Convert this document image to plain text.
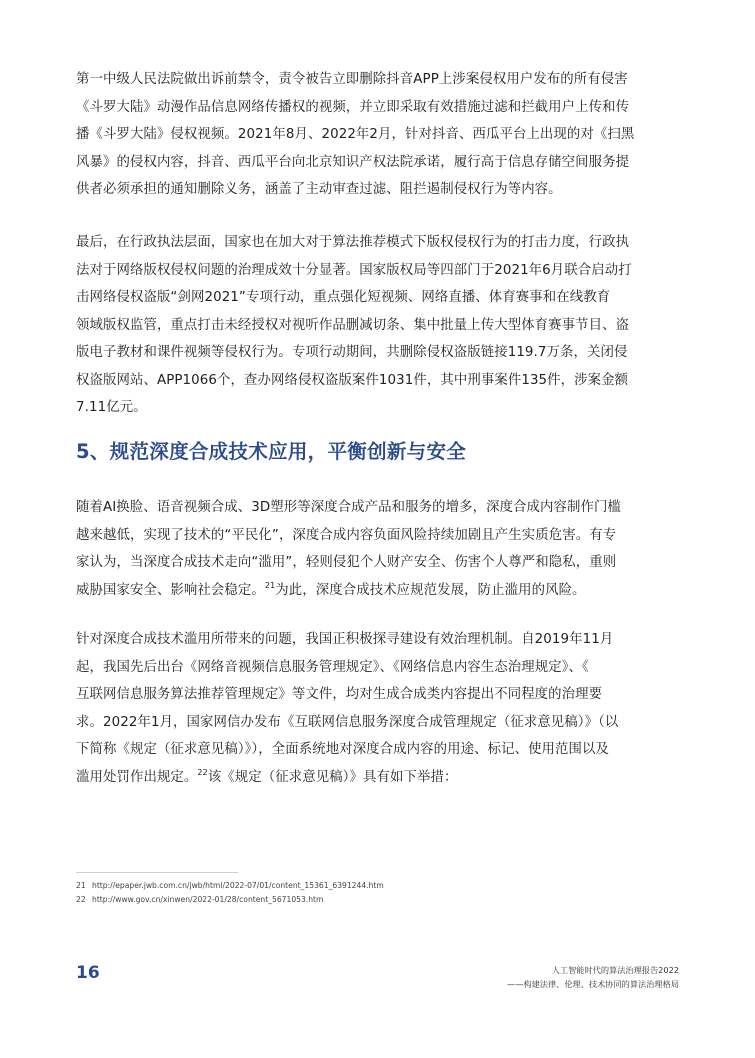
第一中级人民法院做出诉前禁令，责令被告立即删除抖音APP上涉案侵权用户发布的所有侵害
《斗罗大陆》动漫作品信息网络传播权的视频，并立即采取有效措施过滤和拦截用户上传和传
播《斗罗大陆》侵权视频。2021年8月、2022年2月，针对抖音、西瓜平台上出现的对《扫黑
风暴》的侵权内容，抖音、西瓜平台向北京知识产权法院承诺，履行高于信息存储空间服务提
供者必须承担的通知删除义务，涵盖了主动审查过滤、阻拦遏制侵权行为等内容。
最后，在行政执法层面，国家也在加大对于算法推荐模式下版权侵权行为的打击力度，行政执
法对于网络版权侵权问题的治理成效十分显著。国家版权局等四部门于2021年6月联合启动打
击网络侵权盗版“剑网2021”专项行动，重点强化短视频、网络直播、体育赛事和在线教育
领域版权监管，重点打击未经授权对视听作品删减切条、集中批量上传大型体育赛事节目、盗
版电子教材和课件视频等侵权行为。专项行动期间，共删除侵权盗版链接119.7万条，关闭侵
权盗版网站、APP1066个，查办网络侵权盗版案件1031件，其中刑事案件135件，涉案金额
7.11亿元。
5、规范深度合成技术应用，平衡创新与安全
随着AI换脸、语音视频合成、3D塑形等深度合成产品和服务的增多，深度合成内容制作门槛
越来越低，实现了技术的“平民化”，深度合成内容负面风险持续加剧且产生实质危害。有专
家认为，当深度合成技术走向“滥用”，轻则侵犯个人财产安全、伤害个人尊严和隐私，重则
威胁国家安全、影响社会稳定。$^{21}$为此，深度合成技术应规范发展，防止滥用的风险。
针对深度合成技术滥用所带来的问题，我国正积极探寻建设有效治理机制。自2019年11月
起，我国先后出台《网络音视频信息服务管理规定》、《网络信息内容生态治理规定》、《
互联网信息服务算法推荐管理规定》等文件，均对生成合成类内容提出不同程度的治理要
求。2022年1月，国家网信办发布《互联网信息服务深度合成管理规定（征求意见稿）》（以
下简称《规定（征求意见稿）》），全面系统地对深度合成内容的用途、标记、使用范围以及
滥用处罚作出规定。$^{22}$该《规定（征求意见稿）》具有如下举措：
21 http://epaper.jwb.com.cn/jwb/html/2022-07/01/content_15361_6391244.htm
22 http://www.gov.cn/xinwen/2022-01/28/content_5671053.htm
16	人工智能时代的算法治理报告2022
——构建法律、伦理、技术协同的算法治理格局
